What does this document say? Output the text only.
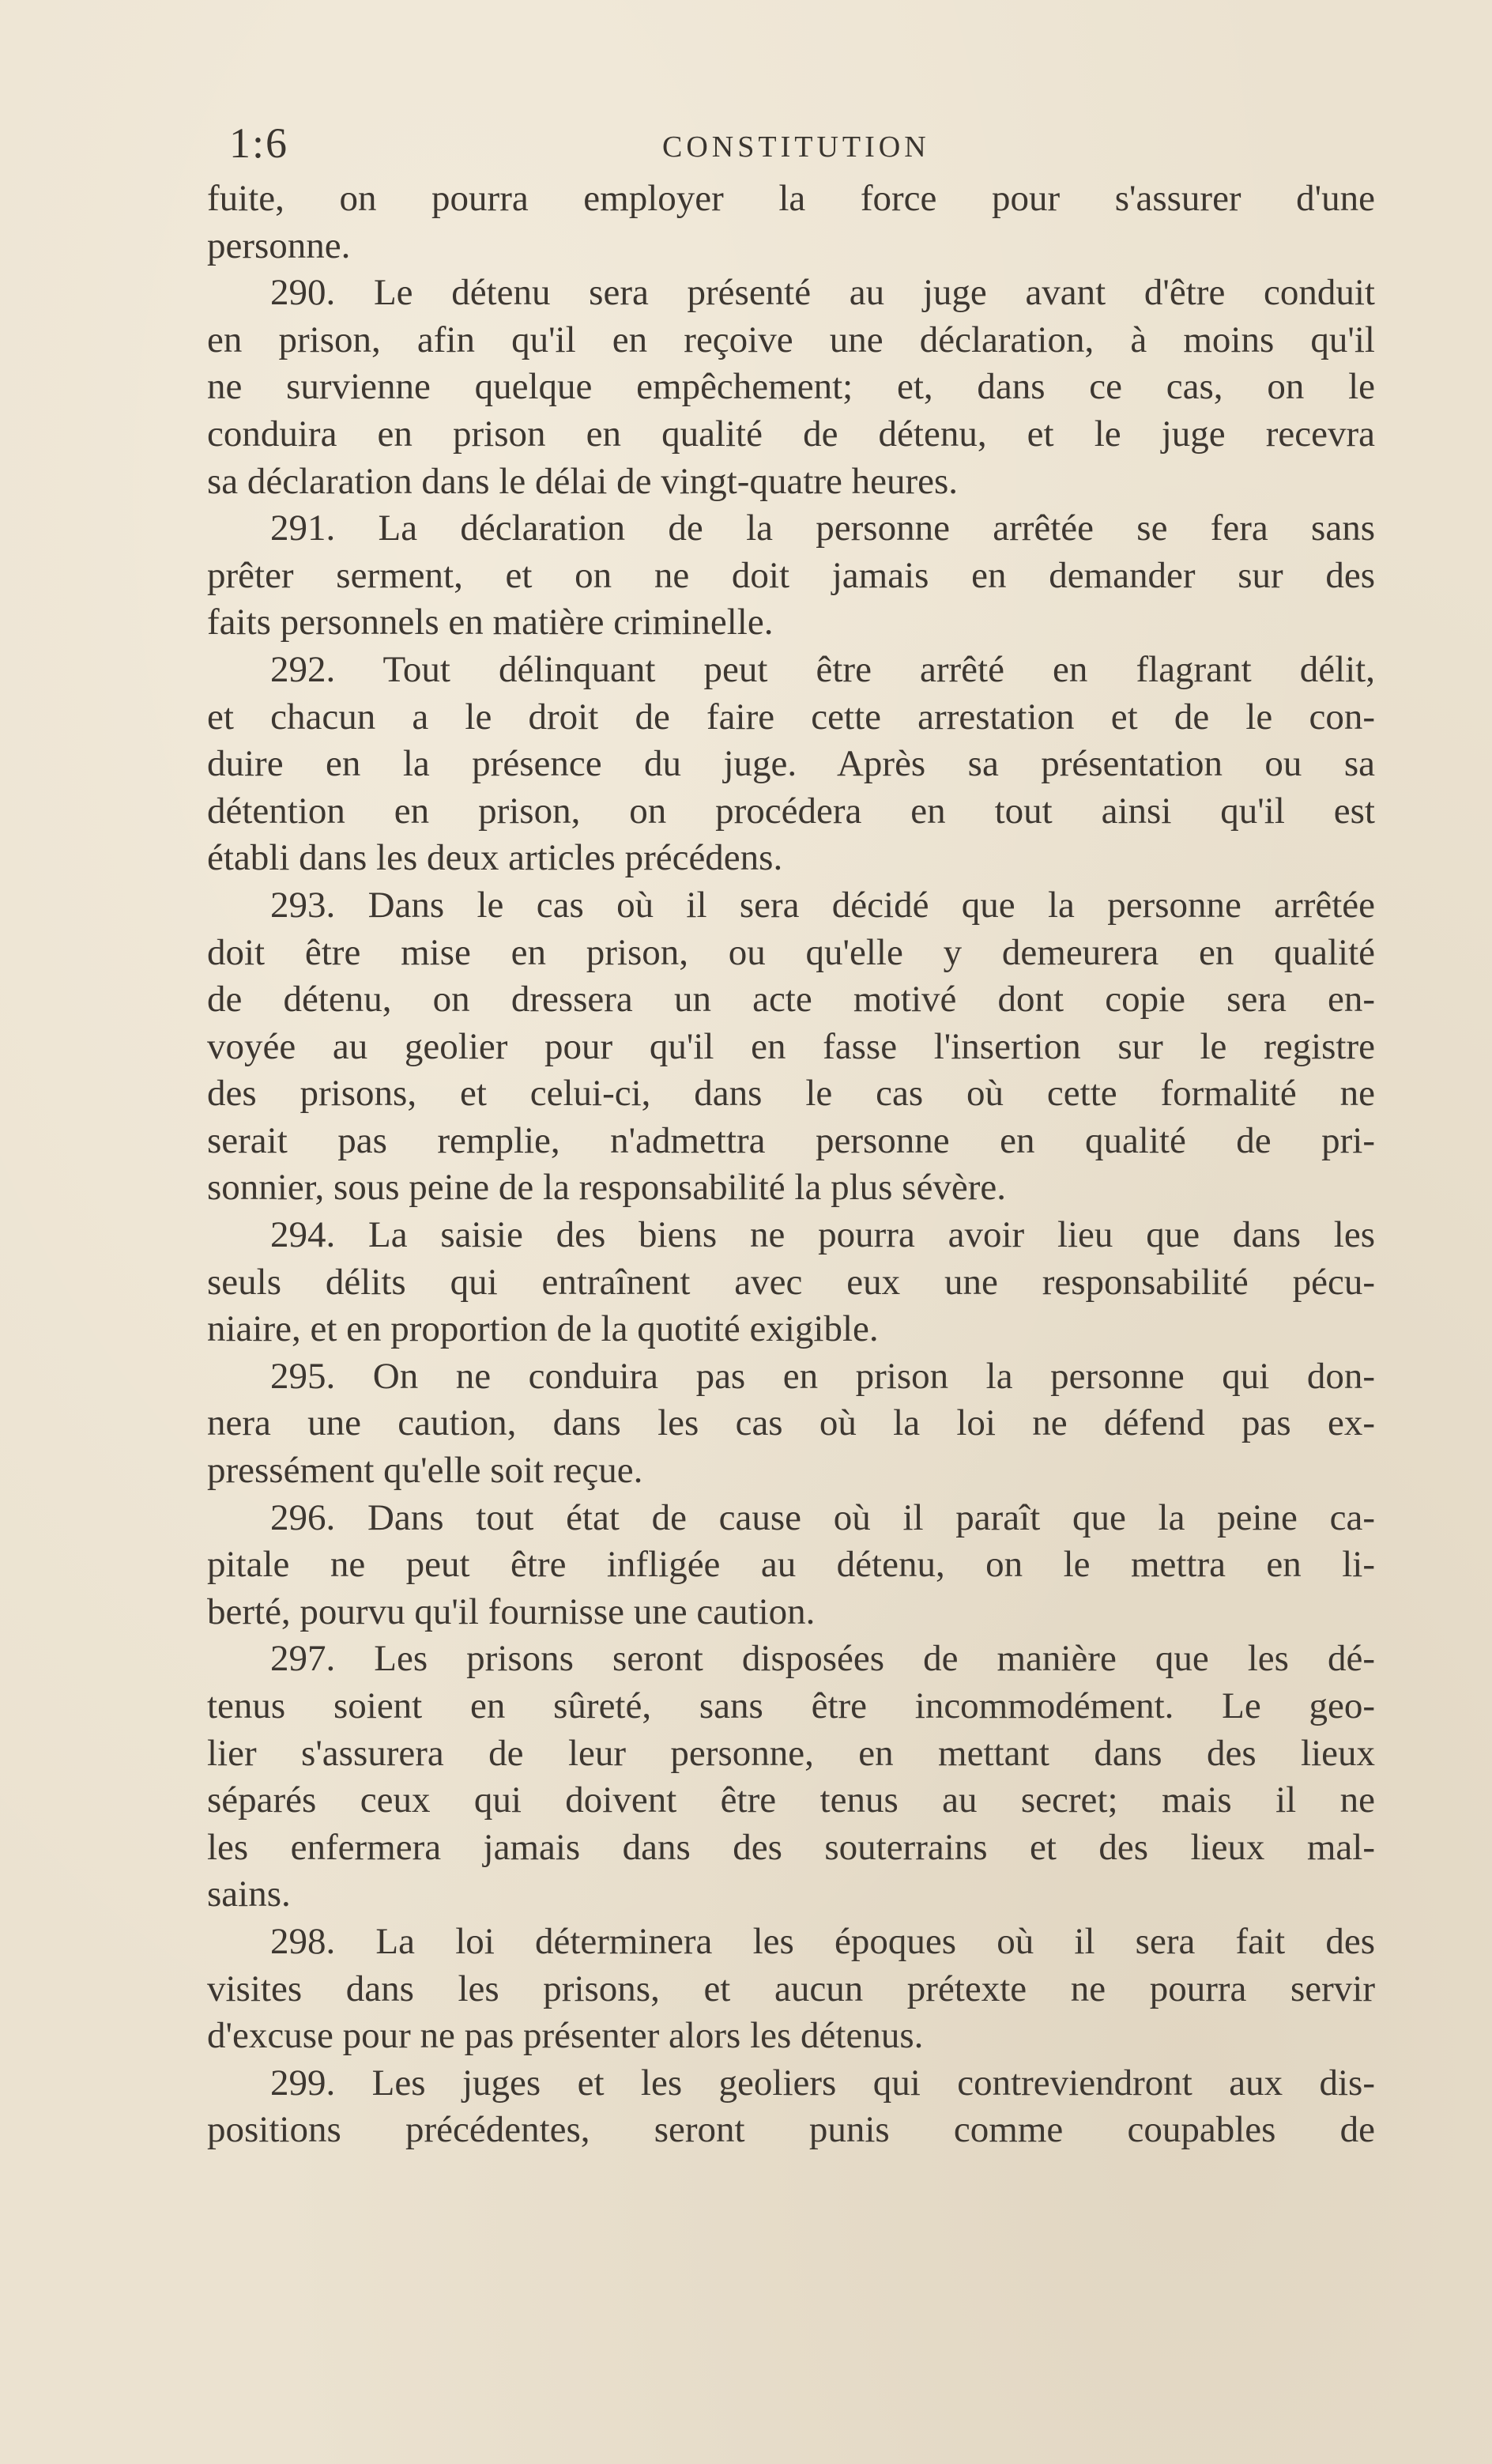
1:6	CONSTITUTION
fuite, on pourra employer la force pour s'assurer d'une
personne.
290. Le détenu sera présenté au juge avant d'être conduit
en prison, afin qu'il en reçoive une déclaration, à moins qu'il
ne survienne quelque empêchement; et, dans ce cas, on le
conduira en prison en qualité de détenu, et le juge recevra
sa déclaration dans le délai de vingt-quatre heures.
291. La déclaration de la personne arrêtée se fera sans
prêter serment, et on ne doit jamais en demander sur des
faits personnels en matière criminelle.
292. Tout délinquant peut être arrêté en flagrant délit,
et chacun a le droit de faire cette arrestation et de le con-
duire en la présence du juge. Après sa présentation ou sa
détention en prison, on procédera en tout ainsi qu'il est
établi dans les deux articles précédens.
293. Dans le cas où il sera décidé que la personne arrêtée
doit être mise en prison, ou qu'elle y demeurera en qualité
de détenu, on dressera un acte motivé dont copie sera en-
voyée au geolier pour qu'il en fasse l'insertion sur le registre
des prisons, et celui-ci, dans le cas où cette formalité ne
serait pas remplie, n'admettra personne en qualité de pri-
sonnier, sous peine de la responsabilité la plus sévère.
294. La saisie des biens ne pourra avoir lieu que dans les
seuls délits qui entraînent avec eux une responsabilité pécu-
niaire, et en proportion de la quotité exigible.
295. On ne conduira pas en prison la personne qui don-
nera une caution, dans les cas où la loi ne défend pas ex-
pressément qu'elle soit reçue.
296. Dans tout état de cause où il paraît que la peine ca-
pitale ne peut être infligée au détenu, on le mettra en li-
berté, pourvu qu'il fournisse une caution.
297. Les prisons seront disposées de manière que les dé-
tenus soient en sûreté, sans être incommodément. Le geo-
lier s'assurera de leur personne, en mettant dans des lieux
séparés ceux qui doivent être tenus au secret; mais il ne
les enfermera jamais dans des souterrains et des lieux mal-
sains.
298. La loi déterminera les époques où il sera fait des
visites dans les prisons, et aucun prétexte ne pourra servir
d'excuse pour ne pas présenter alors les détenus.
299. Les juges et les geoliers qui contreviendront aux dis-
positions précédentes, seront punis comme coupables de
